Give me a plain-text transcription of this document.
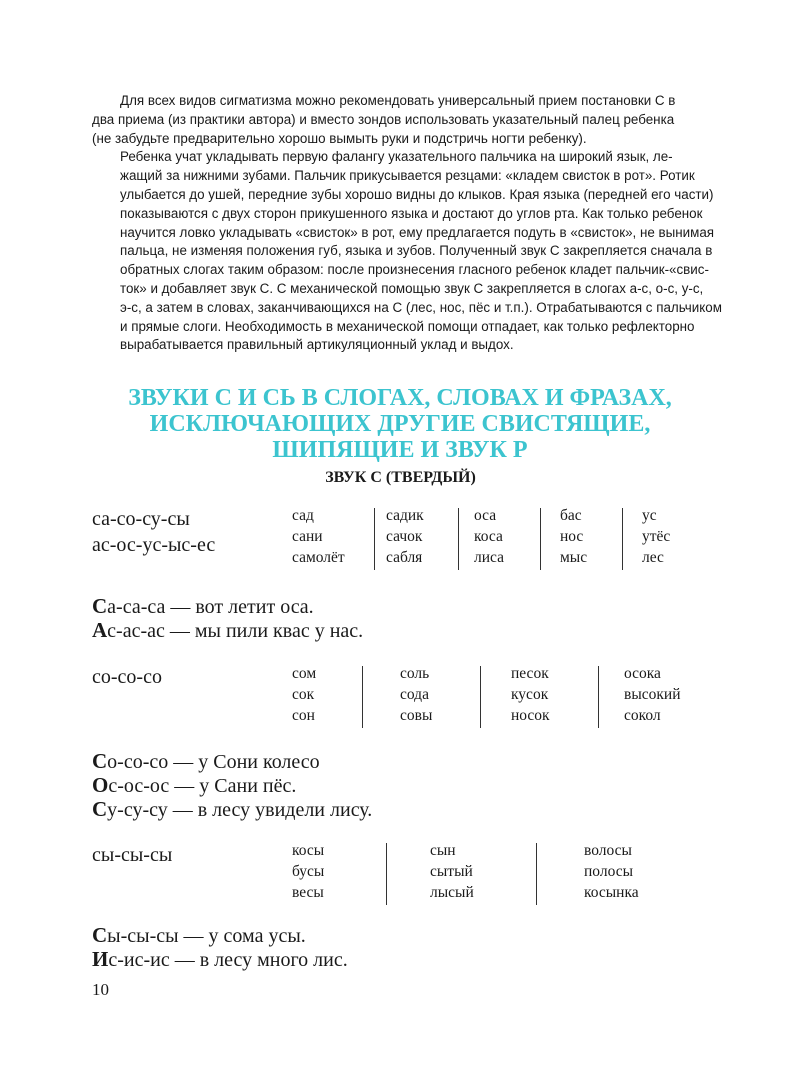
Для всех видов сигматизма можно рекомендовать универсальный прием постановки С в
два приема (из практики автора) и вместо зондов использовать указательный палец ребенка
(не забудьте предварительно хорошо вымыть руки и подстричь ногти ребенку).

Ребенка учат укладывать первую фалангу указательного пальчика на широкий язык, ле-
жащий за нижними зубами. Пальчик прикусывается резцами: «кладем свисток в рот». Ротик
улыбается до ушей, передние зубы хорошо видны до клыков. Края языка (передней его части)
показываются с двух сторон прикушенного языка и достают до углов рта. Как только ребенок
научится ловко укладывать «свисток» в рот, ему предлагается подуть в «свисток», не вынимая
пальца, не изменяя положения губ, языка и зубов. Полученный звук С закрепляется сначала в
обратных слогах таким образом: после произнесения гласного ребенок кладет пальчик-«свис-
ток» и добавляет звук С. С механической помощью звук С закрепляется в слогах а-с, о-с, у-с,
э-с, а затем в словах, заканчивающихся на С (лес, нос, пёс и т.п.). Отрабатываются с пальчиком
и прямые слоги. Необходимость в механической помощи отпадает, как только рефлекторно
вырабатывается правильный артикуляционный уклад и выдох.

ЗВУКИ С И СЬ В СЛОГАХ, СЛОВАХ И ФРАЗАХ,
ИСКЛЮЧАЮЩИХ ДРУГИЕ СВИСТЯЩИЕ,
ШИПЯЩИЕ И ЗВУК Р
ЗВУК С (ТВЕРДЫЙ)
са-со-су-сы
ас-ос-ус-ыс-ес
сад
сани
самолёт
садик
сачок
сабля
оса
коса
лиса
бас
нос
мыс
ус
утёс
лес
Са-са-са — вот летит оса.
Ас-ас-ас — мы пили квас у нас.
со-со-со	сом
сок
сон
соль
сода
совы
песок
кусок
носок
осока
высокий
сокол
Со-со-со — у Сони колесо
Ос-ос-ос — у Сани пёс.
Су-су-су — в лесу увидели лису.
сы-сы-сы	косы
бусы
весы
сын
сытый
лысый
волосы
полосы
косынка
Сы-сы-сы — у сома усы.
Ис-ис-ис — в лесу много лис.
10
